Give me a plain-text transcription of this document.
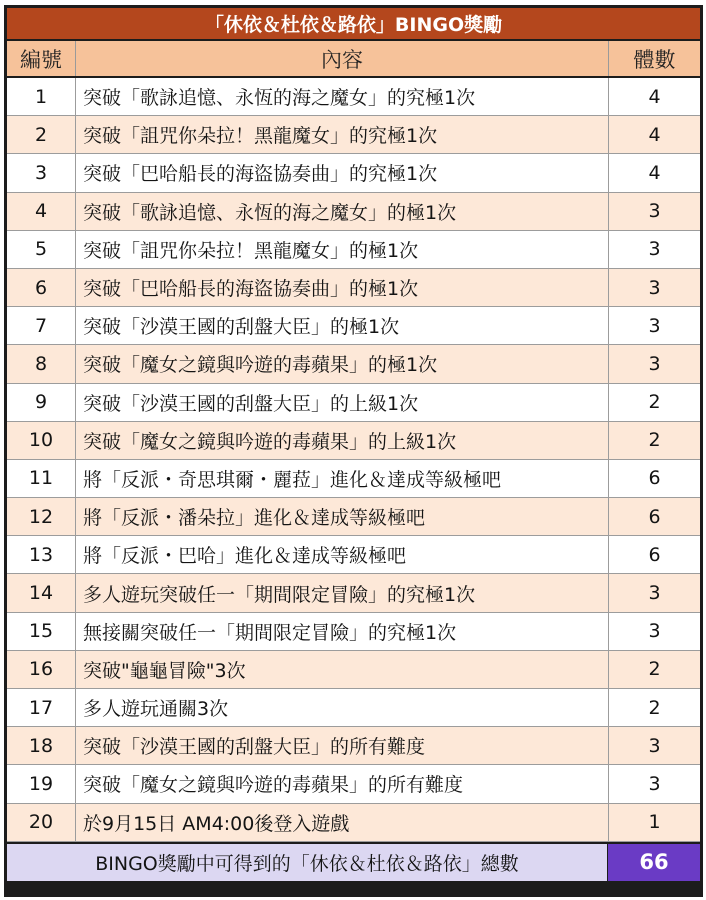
「休依＆杜依＆路依」BINGO獎勵
編號	內容	體數
1	突破「歌詠追憶、永恆的海之魔女」的究極1次	4
2	突破「詛咒你朵拉！黑龍魔女」的究極1次	4
3	突破「巴哈船長的海盜協奏曲」的究極1次	4
4	突破「歌詠追憶、永恆的海之魔女」的極1次	3
5	突破「詛咒你朵拉！黑龍魔女」的極1次	3
6	突破「巴哈船長的海盜協奏曲」的極1次	3
7	突破「沙漠王國的刮盤大臣」的極1次	3
8	突破「魔女之鏡與吟遊的毒蘋果」的極1次	3
9	突破「沙漠王國的刮盤大臣」的上級1次	2
10	突破「魔女之鏡與吟遊的毒蘋果」的上級1次	2
11	將「反派・奇思琪爾・麗菈」進化＆達成等級極吧	6
12	將「反派・潘朵拉」進化＆達成等級極吧	6
13	將「反派・巴哈」進化＆達成等級極吧	6
14	多人遊玩突破任一「期間限定冒險」的究極1次	3
15	無接關突破任一「期間限定冒險」的究極1次	3
16	突破"龜龜冒險"3次	2
17	多人遊玩通關3次	2
18	突破「沙漠王國的刮盤大臣」的所有難度	3
19	突破「魔女之鏡與吟遊的毒蘋果」的所有難度	3
20	於9月15日 AM4:00後登入遊戲	1
BINGO獎勵中可得到的「休依＆杜依＆路依」總數	66
